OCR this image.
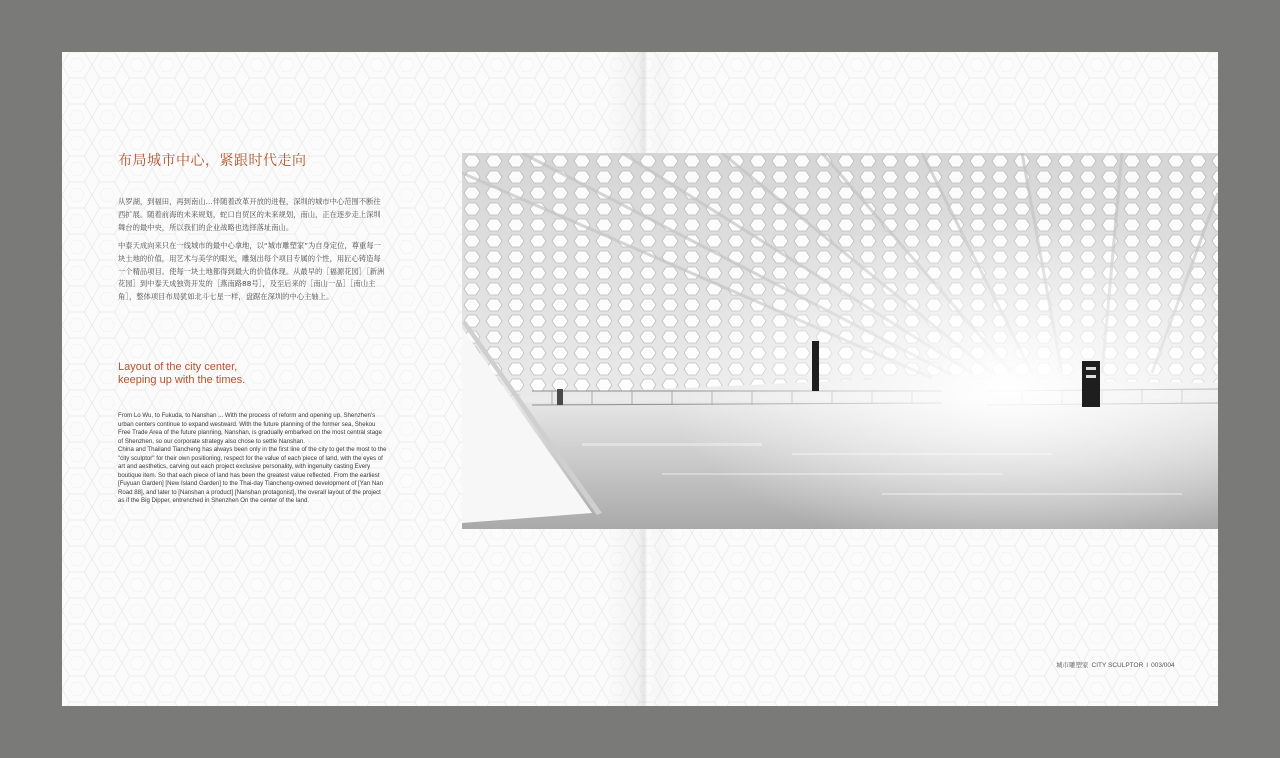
布局城市中心，紧跟时代走向

从罗湖，到福田，再到南山…伴随着改革开放的进程，深圳的城市中心范围不断往西扩展。随着前海的未来规划，蛇口自贸区的未来规划，南山，正在逐步走上深圳舞台的最中央，所以我们的企业战略也选择落址南山。

中泰天成向来只在一线城市的最中心拿地，以“城市雕塑家”为自身定位，尊重每一块土地的价值，用艺术与美学的眼光，雕刻出每个项目专属的个性，用匠心铸造每一个精品项目。使每一块土地都得到最大的价值体现。从最早的［福源花园］［新洲花园］到中泰天成独资开发的［燕南路88号］，及至后来的［南山一品］［南山主角］，整体项目布局犹如北斗七星一样，盘踞在深圳的中心主轴上。

Layout of the city center,
keeping up with the times.

From Lo Wu, to Fukuda, to Nanshan ... With the process of reform and opening up, Shenzhen's urban centers continue to expand westward. With the future planning of the former sea, Shekou Free Trade Area of the future planning, Nanshan, is gradually embarked on the most central stage of Shenzhen, so our corporate strategy also chose to settle Nanshan.

China and Thailand Tiancheng has always been only in the first line of the city to get the most to the "city sculptor" for their own positioning, respect for the value of each piece of land, with the eyes of art and aesthetics, carving out each project exclusive personality, with ingenuity casting Every boutique item. So that each piece of land has been the greatest value reflected. From the earliest [Fuyuan Garden] [New Island Garden] to the Thai-day Tiancheng-owned development of [Yan Nan Road 88], and later to [Nanshan a product] [Nanshan protagonist], the overall layout of the project as if the Big Dipper, entrenched in Shenzhen On the center of the land.

城市雕塑家 CITY SCULPTOR I 003/004
